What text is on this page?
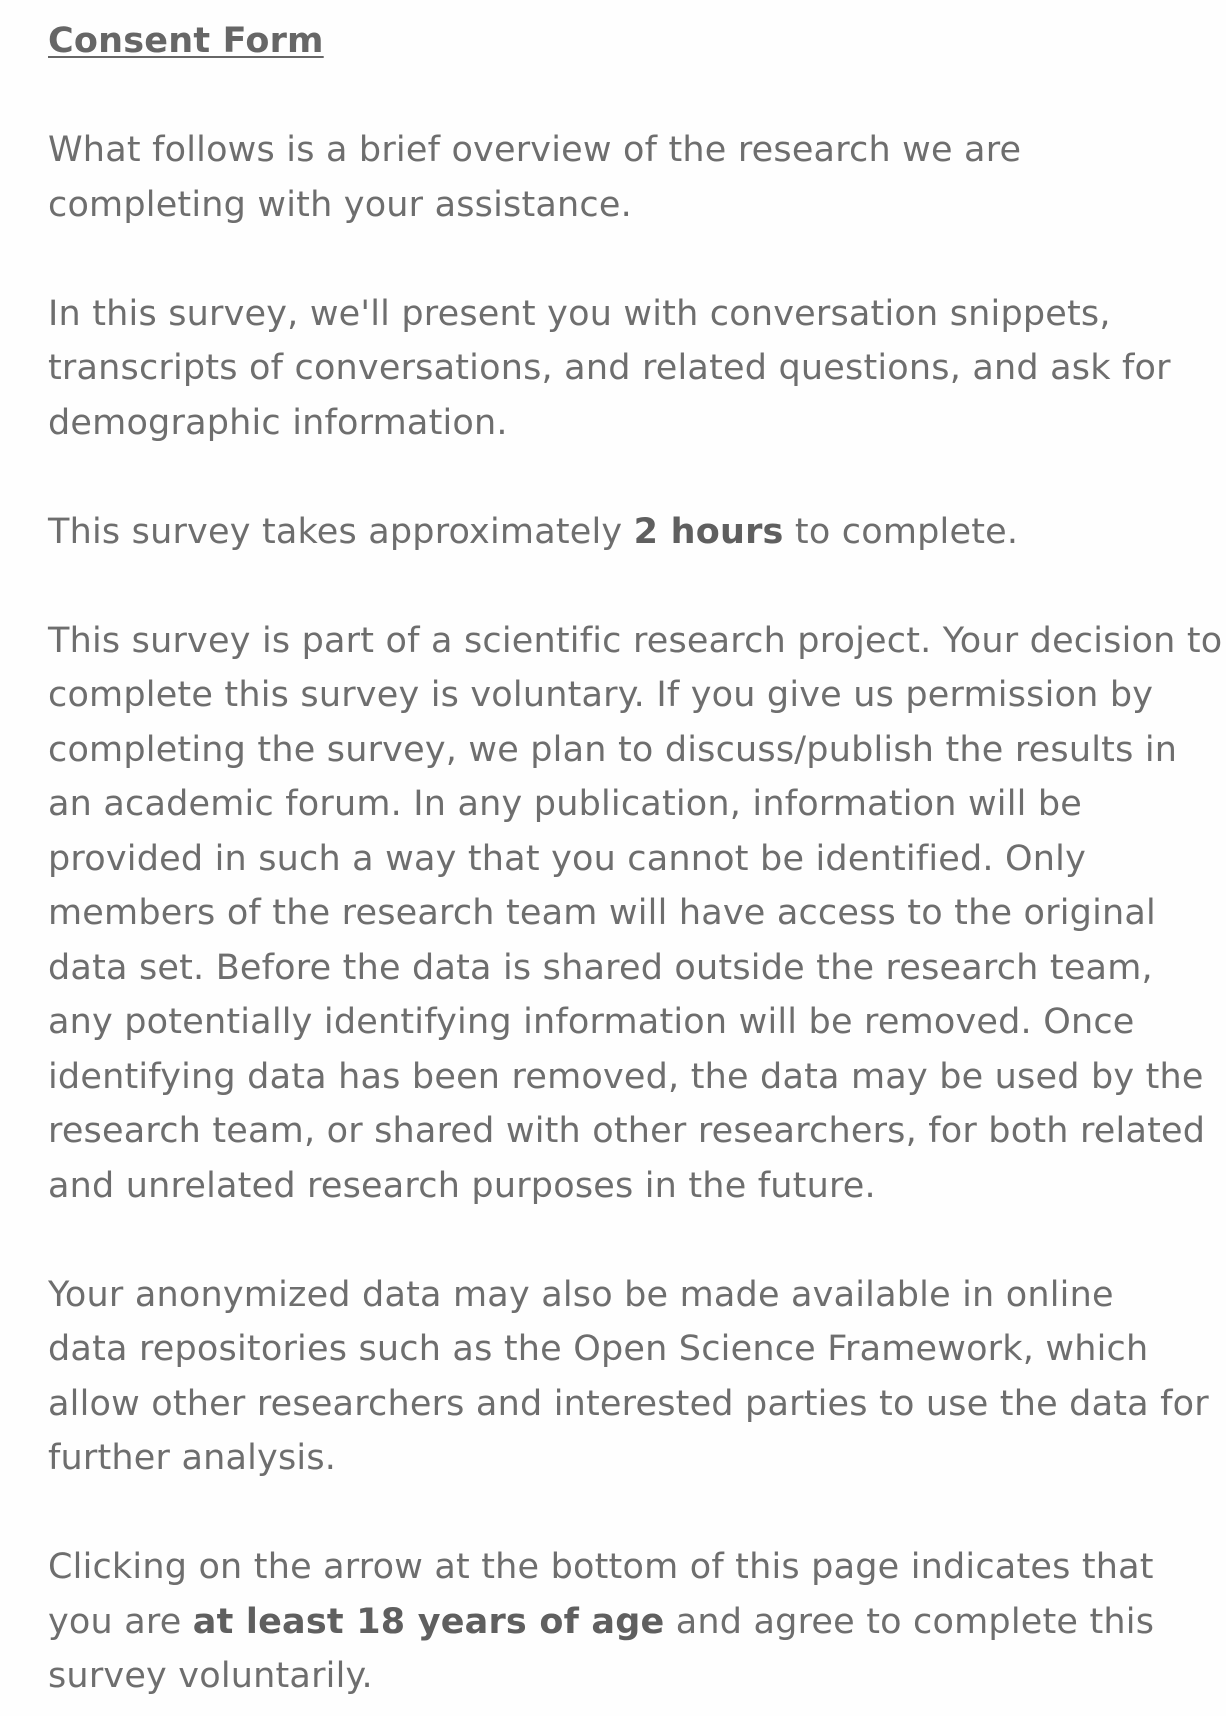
Consent Form

What follows is a brief overview of the research we are
completing with your assistance.

In this survey, we'll present you with conversation snippets,
transcripts of conversations, and related questions, and ask for
demographic information.

This survey takes approximately 2 hours to complete.

This survey is part of a scientific research project. Your decision to
complete this survey is voluntary. If you give us permission by
completing the survey, we plan to discuss/publish the results in
an academic forum. In any publication, information will be
provided in such a way that you cannot be identified. Only
members of the research team will have access to the original
data set. Before the data is shared outside the research team,
any potentially identifying information will be removed. Once
identifying data has been removed, the data may be used by the
research team, or shared with other researchers, for both related
and unrelated research purposes in the future.

Your anonymized data may also be made available in online
data repositories such as the Open Science Framework, which
allow other researchers and interested parties to use the data for
further analysis.

Clicking on the arrow at the bottom of this page indicates that
you are at least 18 years of age and agree to complete this
survey voluntarily.
